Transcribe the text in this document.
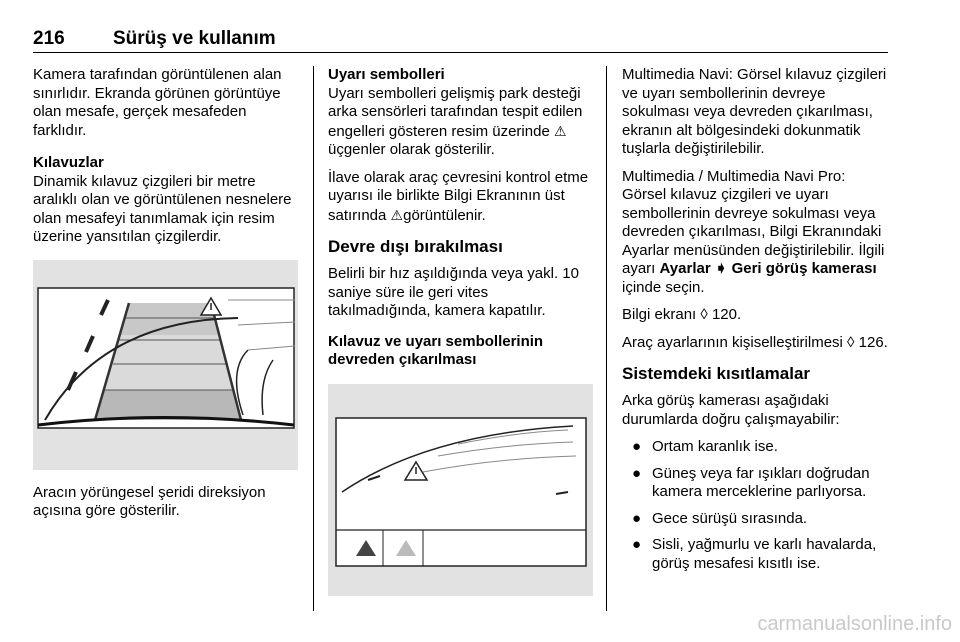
216	Sürüş ve kullanım

Kamera tarafından görüntülenen alan sınırlıdır. Ekranda görünen görüntüye olan mesafe, gerçek mesafeden farklıdır.

Kılavuzlar

Dinamik kılavuz çizgileri bir metre aralıklı olan ve görüntülenen nesnelere olan mesafeyi tanımlamak için resim üzerine yansıtılan çizgilerdir.

Aracın yörüngesel şeridi direksiyon açısına göre gösterilir.

Uyarı sembolleri

Uyarı sembolleri gelişmiş park desteği arka sensörleri tarafından tespit edilen engelleri gösteren resim üzerinde ⚠üçgenler olarak gösterilir.

İlave olarak araç çevresini kontrol etme uyarısı ile birlikte Bilgi Ekranının üst satırında ⚠görüntülenir.

Devre dışı bırakılması

Belirli bir hız aşıldığında veya yakl. 10 saniye süre ile geri vites takılmadığında, kamera kapatılır.

Kılavuz ve uyarı sembollerinin devreden çıkarılması

Multimedia Navi: Görsel kılavuz çizgileri ve uyarı sembollerinin devreye sokulması veya devreden çıkarılması, ekranın alt bölgesindeki dokunmatik tuşlarla değiştirilebilir.

Multimedia / Multimedia Navi Pro: Görsel kılavuz çizgileri ve uyarı sembollerinin devreye sokulması veya devreden çıkarılması, Bilgi Ekranındaki Ayarlar menüsünden değiştirilebilir. İlgili ayarı Ayarlar ➧ Geri görüş kamerası içinde seçin.

Bilgi ekranı ◊ 120.

Araç ayarlarının kişiselleştirilmesi ◊ 126.

Sistemdeki kısıtlamalar

Arka görüş kamerası aşağıdaki durumlarda doğru çalışmayabilir:

● Ortam karanlık ise.
● Güneş veya far ışıkları doğrudan kamera merceklerine parlıyorsa.
● Gece sürüşü sırasında.
● Sisli, yağmurlu ve karlı havalarda, görüş mesafesi kısıtlı ise.
carmanualsonline.info
